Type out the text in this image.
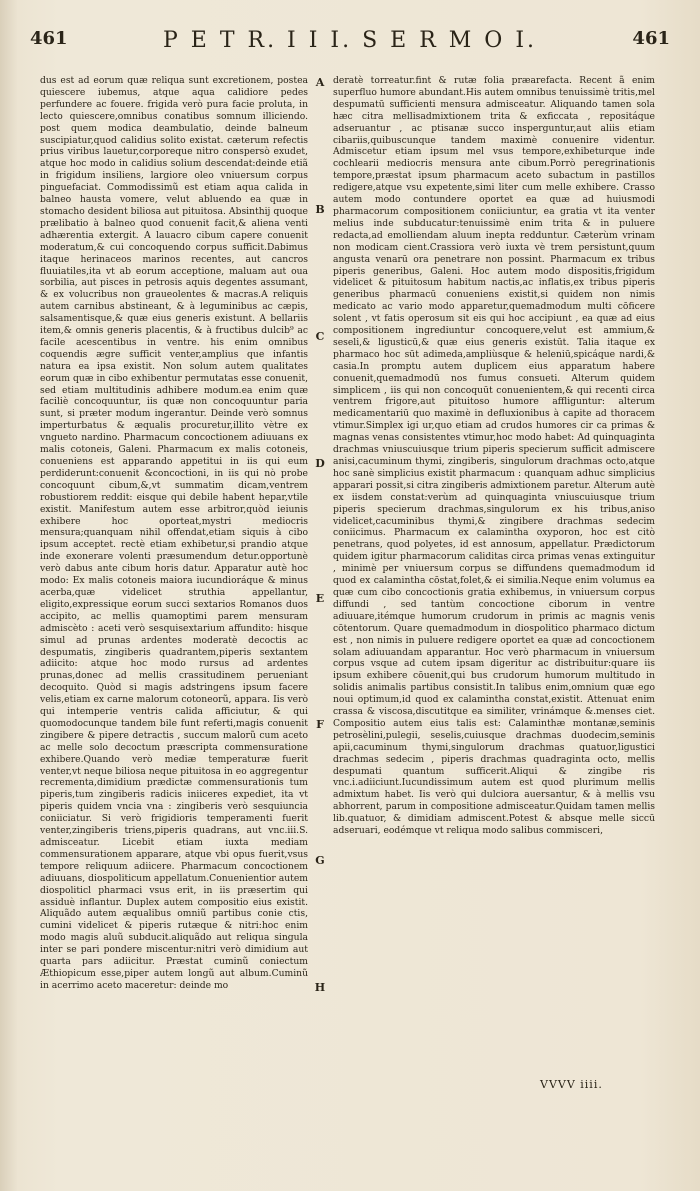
461	P E T R. I I I. S E R M O I.	461
dus est ad eorum quæ reliqua sunt excretionem, postea quiescere iubemus, atque aqua calidiore pedes perfundere ac fouere. frigida verò pura facie proluta, in lecto quiescere,omnibus conatibus somnum illiciendo. post quem modica deambulatio, deinde balneum suscipiatur,quod calidius solito existat. cæterum refectis prius viribus lauetur,corporeque nitro conspersò exudet, atque hoc modo in calidius solium descendat:deinde etiã in frigidum insiliens, largiore oleo vniuersum corpus pinguefaciat. Commodissimũ est etiam aqua calida in balneo hausta vomere, velut abluendo ea quæ in stomacho desident biliosa aut pituitosa. Absinthij quoque prælibatio à balneo quod conuenit facit,& aliena venti adhærentia extergit. A lauacro cibum capere conuenit moderatum,& cui concoquendo corpus sufficit.Dabimus itaque herinaceos marinos recentes, aut cancros fluuiatiles,ita vt ab eorum acceptione, maluam aut oua sorbilia, aut pisces in petrosis aquis degentes assumant, & ex volucribus non graueolentes & macras.A reliquis autem carnibus abstineant, & à leguminibus ac cæpis, salsamentisque,& quæ eius generis existunt. A bellariis item,& omnis generis placentis, & à fructibus dulcib⁹ ac facile acescentibus in ventre. his enim omnibus coquendis ægre sufficit venter,amplius que infantis natura ea ipsa existit. Non solum autem qualitates eorum quæ in cibo exhibentur permutatas esse conuenit, sed etiam multitudinis adhibere modum.ea enim quæ faciliè concoquuntur, iis quæ non concoquuntur paria sunt, si præter modum ingerantur. Deinde verò somnus imperturbatus & æqualis procuretur,illito vètre ex vngueto nardino. Pharmacum concoctionem adiuuans ex malis cotoneis, Galeni. Pharmacum ex malis cotoneis, conueniens est apparando appetitui in iis qui eum perdiderunt:conuenit &concoctioni, in iis qui nò probe concoquunt cibum,&,vt summatim dicam,ventrem robustiorem reddit: eisque qui debile habent hepar,vtile existit. Manifestum autem esse arbitror,quòd ieiunis exhibere hoc oporteat,mystri mediocris mensura;quanquam nihil offendat,etiam siquis à cibo ipsum acceptet. rectè etiam exhibetur,si prandio atque inde exonerare volenti præsumendum detur.opportunè verò dabus ante cibum horis datur. Apparatur autè hoc modo: Ex malis cotoneis maiora iucundioráque & minus acerba,quæ videlicet struthia appellantur, eligito,expressique eorum succi sextarios Romanos duos accipito, ac mellis quamoptimi parem mensuram admiscèto : aceti verò sesquisextarium affundito: hisque simul ad prunas ardentes moderatè decoctis ac despumatis, zingiberis quadrantem,piperis sextantem adiicito: atque hoc modo rursus ad ardentes prunas,donec ad mellis crassitudinem perueniant decoquito. Quòd si magis adstringens ipsum facere velis,etiam ex carne malorum cotoneorũ, appara. Iis verò qui intemperie ventris calida afficiutur, & qui quomodocunque tandem bile funt referti,magis conuenit zingibere & pipere detractis , succum malorũ cum aceto ac melle solo decoctum præscripta commensuratione exhibere.Quando verò mediæ temperaturæ fuerit venter,vt neque biliosa neque pituitosa in eo aggregentur recrementa,dimidium prædictæ commensurationis tum piperis,tum zingiberis radicis iniiceres expediet, ita vt piperis quidem vncia vna : zingiberis verò sesquiuncia coniiciatur. Si verò frigidioris temperamenti fuerit venter,zingiberis triens,piperis quadrans, aut vnc.iii.S. admisceatur. Licebit etiam iuxta mediam commensurationem apparare, atque vbi opus fuerit,vsus tempore reliquum adiicere. Pharmacum concoctionem adiuuans, diospoliticum appellatum.Conuenientior autem diospoliticl pharmaci vsus erit, in iis præsertim qui assiduè inflantur. Duplex autem compositio eius existit. Aliquãdo autem æqualibus omniũ partibus conie ctis, cumini videlicet & piperis rutæque & nitri:hoc enim modo magis aluũ subducit.aliquãdo aut reliqua singula inter se pari pondere miscentur:nitri verò dimidium aut quarta pars adiicitur. Præstat cuminũ coniectum Æthiopicum esse,piper autem longũ aut album.Cuminũ in acerrimo aceto maceretur: deinde mo
A
B
C
D
E
F
G
H
deratè torreatur.fint & rutæ folia præarefacta. Recent ã enim superfluo humore abundant.His autem omnibus tenuissimè tritis,mel despumatū sufficienti mensura admisceatur. Aliquando tamen sola hæc citra mellisadmixtionem trita & exficcata , repositáque adseruantur , ac ptisanæ succo insperguntur,aut aliis etiam cibariis,quibuscunque tandem maximè conuenire videntur. Admiscetur etiam ipsum mel vsus tempore,exhibeturque inde cochlearii mediocris mensura ante cibum.Porrò peregrinationis tempore,præstat ipsum pharmacum aceto subactum in pastillos redigere,atque vsu expetente,simi liter cum melle exhibere. Crasso autem modo contundere oportet ea quæ ad huiusmodi pharmacorum compositionem coniiciuntur, ea gratia vt ita venter melius inde subducatur:tenuissimè enim trita & in puluere redacta,ad emolliendam aluum inepta redduntur. Cæterùm vrinam non modicam cient.Crassiora verò iuxta vè trem persistunt,quum angusta venarū ora penetrare non possint. Pharmacum ex tribus piperis generibus, Galeni. Hoc autem modo dispositis,frigidum videlicet & pituitosum habitum nactis,ac inflatis,ex tribus piperis generibus pharmacū conueniens existit,si quidem non nimis medicato ac vario modo apparetur,quemadmodum multi cōficere solent , vt fatis operosum sit eis qui hoc accipiunt , ea quæ ad eius compositionem ingrediuntur concoquere,velut est ammium,& seseli,& ligusticū,& quæ eius generis existūt. Talia itaque ex pharmaco hoc sūt adimeda,ampliùsque & heleniū,spicáque nardi,& casia.In promptu autem duplicem eius apparatum habere conuenit,quemadmodū nos fumus consueti. Alterum quidem simplicem , iis qui non concoquūt conuenientem,& qui recenti circa ventrem frigore,aut pituitoso humore affliguntur: alterum medicamentariū quo maximè in defluxionibus à capite ad thoracem vtimur.Simplex igi ur,quo etiam ad crudos humores cir ca primas & magnas venas consistentes vtimur,hoc modo habet: Ad quinquaginta drachmas vniuscuiusque trium piperis specierum sufficit admiscere anisi,cacuminum thymi, zingiberis, singulorum drachmas octo,atque hoc sanè simplicius existit pharmacum : quanquam adhuc simplicius apparari possit,si citra zingiberis admixtionem paretur. Alterum autè ex iisdem constat:verùm ad quinquaginta vniuscuiusque trium piperis specierum drachmas,singulorum ex his tribus,aniso videlicet,cacuminibus thymi,& zingibere drachmas sedecim coniicimus. Pharmacum ex calamintha oxyporon, hoc est citò penetrans, quod polyetes, id est annosum, appellatur. Prædictorum quidem igitur pharmacorum caliditas circa primas venas extinguitur , minimè per vniuersum corpus se diffundens quemadmodum id quod ex calamintha cōstat,folet,& ei similia.Neque enim volumus ea quæ cum cibo concoctionis gratia exhibemus, in vniuersum corpus diffundi , sed tantùm concoctione ciborum in ventre adiuuare,itémque humorum crudorum in primis ac magnis venis cōtentorum. Quare quemadmodum in diospolitico pharmaco dictum est , non nimis in puluere redigere oportet ea quæ ad concoctionem solam adiuuandam apparantur. Hoc verò pharmacum in vniuersum corpus vsque ad cutem ipsam digeritur ac distribuitur:quare iis ipsum exhibere cōuenit,qui bus crudorum humorum multitudo in solidis animalis partibus consistit.In talibus enim,omnium quæ ego noui optimum,id quod ex calamintha constat,existit. Attenuat enim crassa & viscosa,discutitque ea similiter, vrinámque &.menses ciet. Compositio autem eius talis est: Calaminthæ montanæ,seminis petrosèlini,pulegii, seselis,cuiusque drachmas duodecim,seminis apii,cacuminum thymi,singulorum drachmas quatuor,ligustici drachmas sedecim , piperis drachmas quadraginta octo, mellis despumati quantum sufficerit.Aliqui & zingibe ris vnc.i.adiiciunt.Iucundissimum autem est quod plurimum mellis admixtum habet. Iis verò qui dulciora auersantur, & à mellis vsu abhorrent, parum in compositione admisceatur.Quidam tamen mellis lib.quatuor, & dimidiam admiscent.Potest & absque melle siccū adseruari, eodémque vt reliqua modo salibus commisceri,
VVVV iiii.
